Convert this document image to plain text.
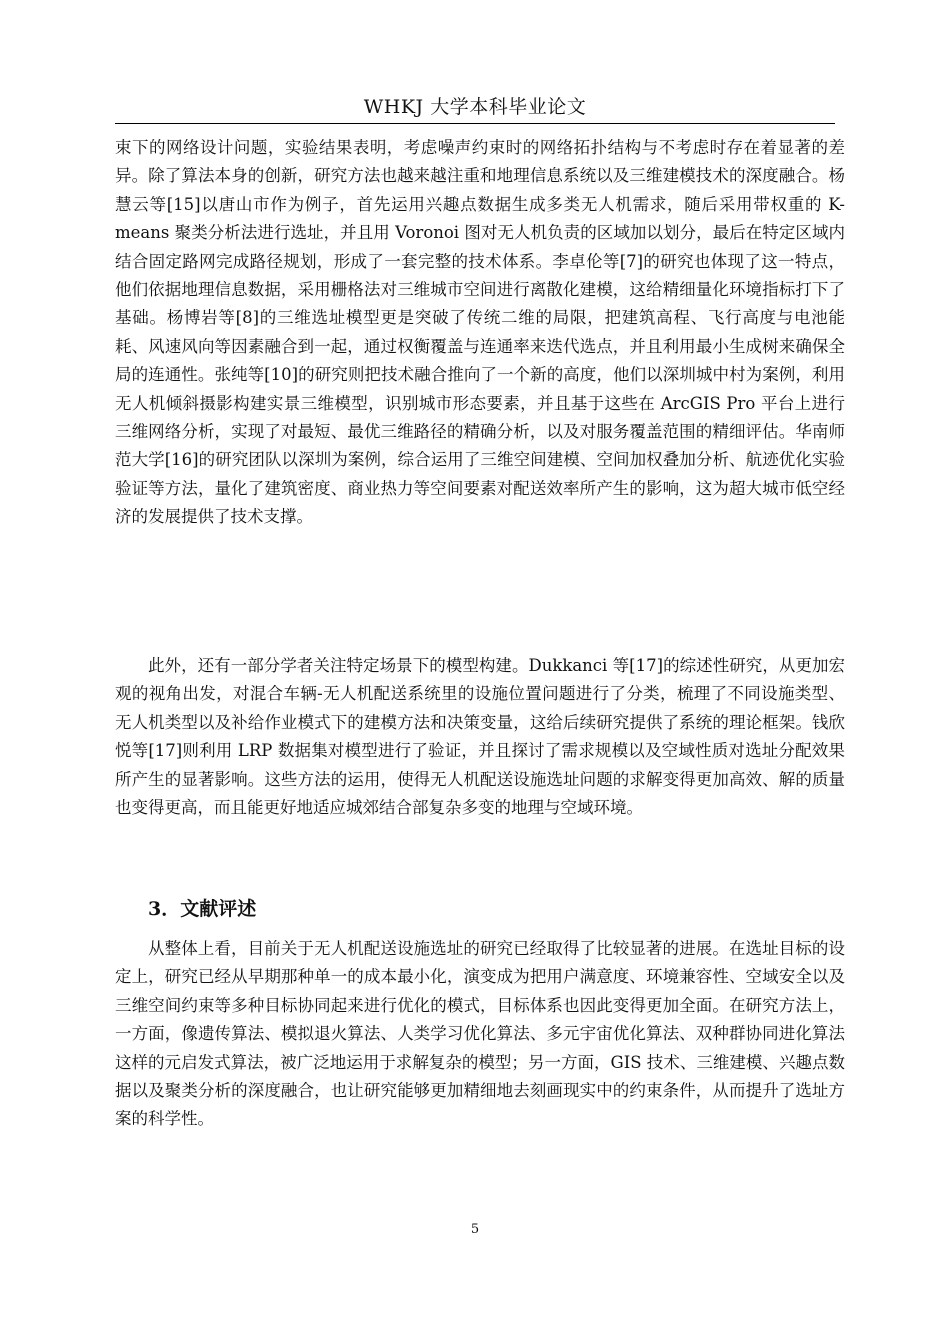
WHKJ 大学本科毕业论文

束下的网络设计问题，实验结果表明，考虑噪声约束时的网络拓扑结构与不考虑时存在着显著的差异。除了算法本身的创新，研究方法也越来越注重和地理信息系统以及三维建模技术的深度融合。杨慧云等[15]以唐山市作为例子，首先运用兴趣点数据生成多类无人机需求，随后采用带权重的 K-means 聚类分析法进行选址，并且用 Voronoi 图对无人机负责的区域加以划分，最后在特定区域内结合固定路网完成路径规划，形成了一套完整的技术体系。李卓伦等[7]的研究也体现了这一特点，他们依据地理信息数据，采用栅格法对三维城市空间进行离散化建模，这给精细量化环境指标打下了基础。杨博岩等[8]的三维选址模型更是突破了传统二维的局限，把建筑高程、飞行高度与电池能耗、风速风向等因素融合到一起，通过权衡覆盖与连通率来迭代选点，并且利用最小生成树来确保全局的连通性。张纯等[10]的研究则把技术融合推向了一个新的高度，他们以深圳城中村为案例，利用无人机倾斜摄影构建实景三维模型，识别城市形态要素，并且基于这些在 ArcGIS Pro 平台上进行三维网络分析，实现了对最短、最优三维路径的精确分析，以及对服务覆盖范围的精细评估。华南师范大学[16]的研究团队以深圳为案例，综合运用了三维空间建模、空间加权叠加分析、航迹优化实验验证等方法，量化了建筑密度、商业热力等空间要素对配送效率所产生的影响，这为超大城市低空经济的发展提供了技术支撑。

此外，还有一部分学者关注特定场景下的模型构建。Dukkanci 等[17]的综述性研究，从更加宏观的视角出发，对混合车辆-无人机配送系统里的设施位置问题进行了分类，梳理了不同设施类型、无人机类型以及补给作业模式下的建模方法和决策变量，这给后续研究提供了系统的理论框架。钱欣悦等[17]则利用 LRP 数据集对模型进行了验证，并且探讨了需求规模以及空域性质对选址分配效果所产生的显著影响。这些方法的运用，使得无人机配送设施选址问题的求解变得更加高效、解的质量也变得更高，而且能更好地适应城郊结合部复杂多变的地理与空域环境。

3．文献评述

从整体上看，目前关于无人机配送设施选址的研究已经取得了比较显著的进展。在选址目标的设定上，研究已经从早期那种单一的成本最小化，演变成为把用户满意度、环境兼容性、空域安全以及三维空间约束等多种目标协同起来进行优化的模式，目标体系也因此变得更加全面。在研究方法上，一方面，像遗传算法、模拟退火算法、人类学习优化算法、多元宇宙优化算法、双种群协同进化算法这样的元启发式算法，被广泛地运用于求解复杂的模型；另一方面，GIS 技术、三维建模、兴趣点数据以及聚类分析的深度融合，也让研究能够更加精细地去刻画现实中的约束条件，从而提升了选址方案的科学性。

5
